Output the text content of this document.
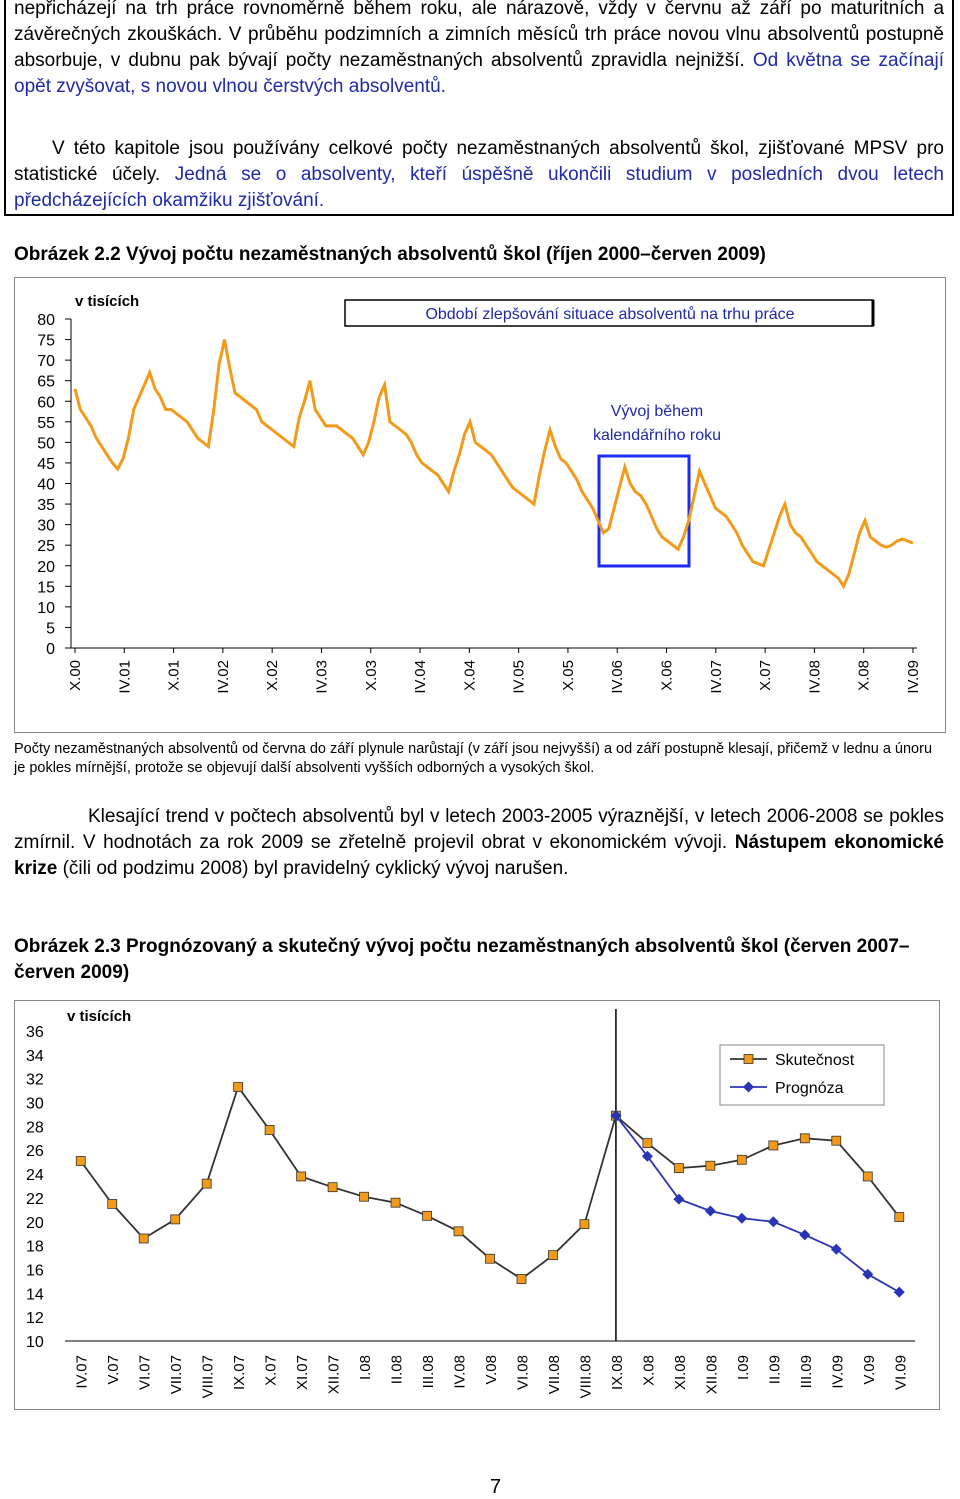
nepřicházejí na trh práce rovnoměrně během roku, ale nárazově, vždy v červnu až září po maturitních a závěrečných zkouškách. V průběhu podzimních a zimních měsíců trh práce novou vlnu absolventů postupně absorbuje, v dubnu pak bývají počty nezaměstnaných absolventů zpravidla nejnižší. Od května se začínají opět zvyšovat, s novou vlnou čerstvých absolventů.
V této kapitole jsou používány celkové počty nezaměstnaných absolventů škol, zjišťované MPSV pro statistické účely. Jedná se o absolventy, kteří úspěšně ukončili studium v posledních dvou letech předcházejících okamžiku zjišťování.
Obrázek 2.2 Vývoj počtu nezaměstnaných absolventů škol (říjen 2000–červen 2009)
v tisících
Období zlepšování situace absolventů na trhu práce
Vývoj během
kalendářního roku
0
5
10
15
20
25
30
35
40
45
50
55
60
65
70
75
80
X.00 IV.01 X.01 IV.02 X.02 IV.03 X.03 IV.04 X.04 IV.05 X.05 IV.06 X.06 IV.07 X.07 IV.08 X.08 IV.09
Počty nezaměstnaných absolventů od června do září plynule narůstají (v září jsou nejvyšší) a od září postupně klesají, přičemž v lednu a únoru je pokles mírnější, protože se objevují další absolventi vyšších odborných a vysokých škol.
Klesající trend v počtech absolventů byl v letech 2003-2005 výraznější, v letech 2006-2008 se pokles zmírnil. V hodnotách za rok 2009 se zřetelně projevil obrat v ekonomickém vývoji. Nástupem ekonomické krize (čili od podzimu 2008) byl pravidelný cyklický vývoj narušen.
Obrázek 2.3 Prognózovaný a skutečný vývoj počtu nezaměstnaných absolventů škol (červen 2007– červen 2009)
v tisících
Skutečnost
Prognóza
10
12
14
16
18
20
22
24
26
28
30
32
34
36
IV.07 V.07 VI.07 VII.07 VIII.07 IX.07 X.07 XI.07 XII.07 I.08 II.08 III.08 IV.08 V.08 VI.08 VII.08 VIII.08 IX.08 X.08 XI.08 XII.08 I.09 II.09 III.09 IV.09 V.09 VI.09
7
